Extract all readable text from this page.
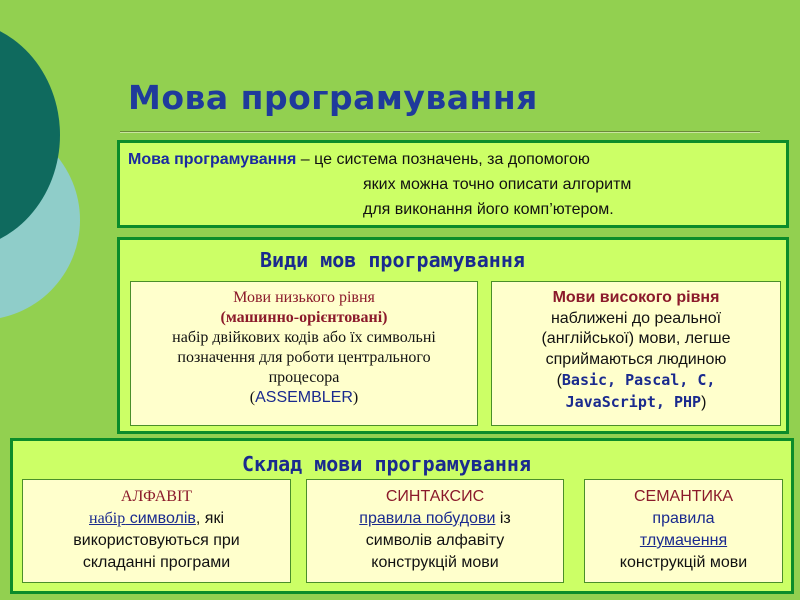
Мова програмування
Мова програмування – це система позначень, за допомогою
яких можна точно описати алгоритм
для виконання його комп’ютером.
Види мов програмування
Мови низького рівня
(машинно-орієнтовані)
набір двійкових кодів або їх символьні
позначення для роботи центрального
процесора
(ASSEMBLER)
Мови високого рівня
наближені до реальної
(англійської) мови, легше
сприймаються людиною
(Basic, Pascal, C,
JavaScript, PHP)
Склад мови програмування
АЛФАВІТ
набір символів, які
використовуються при
складанні програми
СИНТАКСИС
правила побудови із
символів алфавіту
конструкцій мови
СЕМАНТИКА
правила
тлумачення
конструкцій мови
